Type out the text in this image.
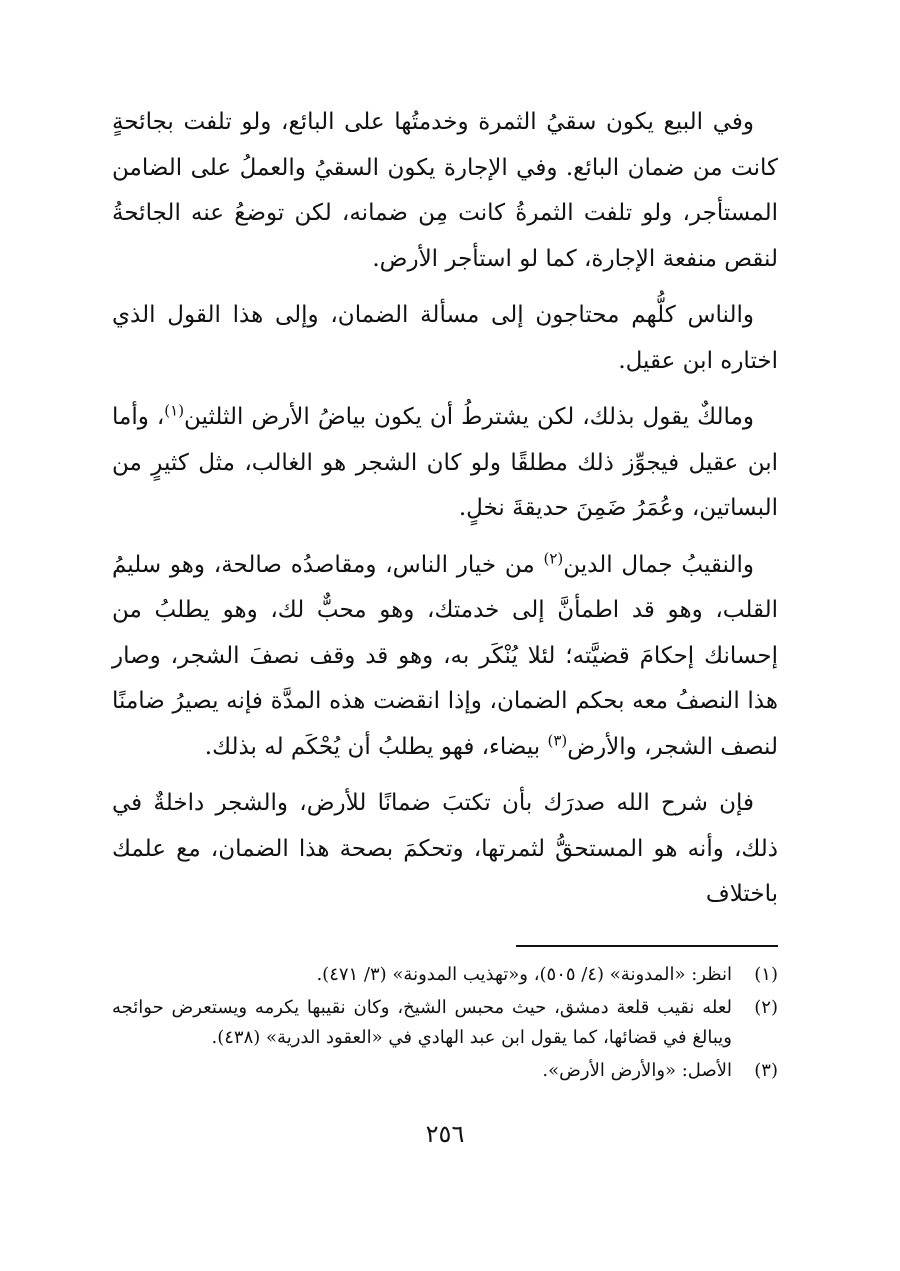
وفي البيع يكون سقيُ الثمرة وخدمتُها على البائع، ولو تلفت بجائحةٍ كانت من ضمان البائع. وفي الإجارة يكون السقيُ والعملُ على الضامن المستأجر، ولو تلفت الثمرةُ كانت مِن ضمانه، لكن توضعُ عنه الجائحةُ لنقص منفعة الإجارة، كما لو استأجر الأرض.

والناس كلُّهم محتاجون إلى مسألة الضمان، وإلى هذا القول الذي اختاره ابن عقيل.

ومالكٌ يقول بذلك، لكن يشترطُ أن يكون بياضُ الأرض الثلثين$^{(١)}$، وأما ابن عقيل فيجوِّز ذلك مطلقًا ولو كان الشجر هو الغالب، مثل كثيرٍ من البساتين، وعُمَرُ ضَمِنَ حديقةَ نخلٍ.

والنقيبُ جمال الدين$^{(٢)}$ من خيار الناس، ومقاصدُه صالحة، وهو سليمُ القلب، وهو قد اطمأنَّ إلى خدمتك، وهو محبٌّ لك، وهو يطلبُ من إحسانك إحكامَ قضيَّته؛ لئلا يُنْكَر به، وهو قد وقف نصفَ الشجر، وصار هذا النصفُ معه بحكم الضمان، وإذا انقضت هذه المدَّة فإنه يصيرُ ضامنًا لنصف الشجر، والأرض$^{(٣)}$ بيضاء، فهو يطلبُ أن يُحْكَم له بذلك.

فإن شرح الله صدرَك بأن تكتبَ ضمانًا للأرض، والشجر داخلةٌ في ذلك، وأنه هو المستحقُّ لثمرتها، وتحكمَ بصحة هذا الضمان، مع علمك باختلاف

(١)
انظر: «المدونة» (٤/ ٥٠٥)، و«تهذيب المدونة» (٣/ ٤٧١).

(٢)
لعله نقيب قلعة دمشق، حيث محبس الشيخ، وكان نقيبها يكرمه ويستعرض حوائجه ويبالغ في قضائها، كما يقول ابن عبد الهادي في «العقود الدرية» (٤٣٨).

(٣)
الأصل: «والأرض الأرض».

٢٥٦
